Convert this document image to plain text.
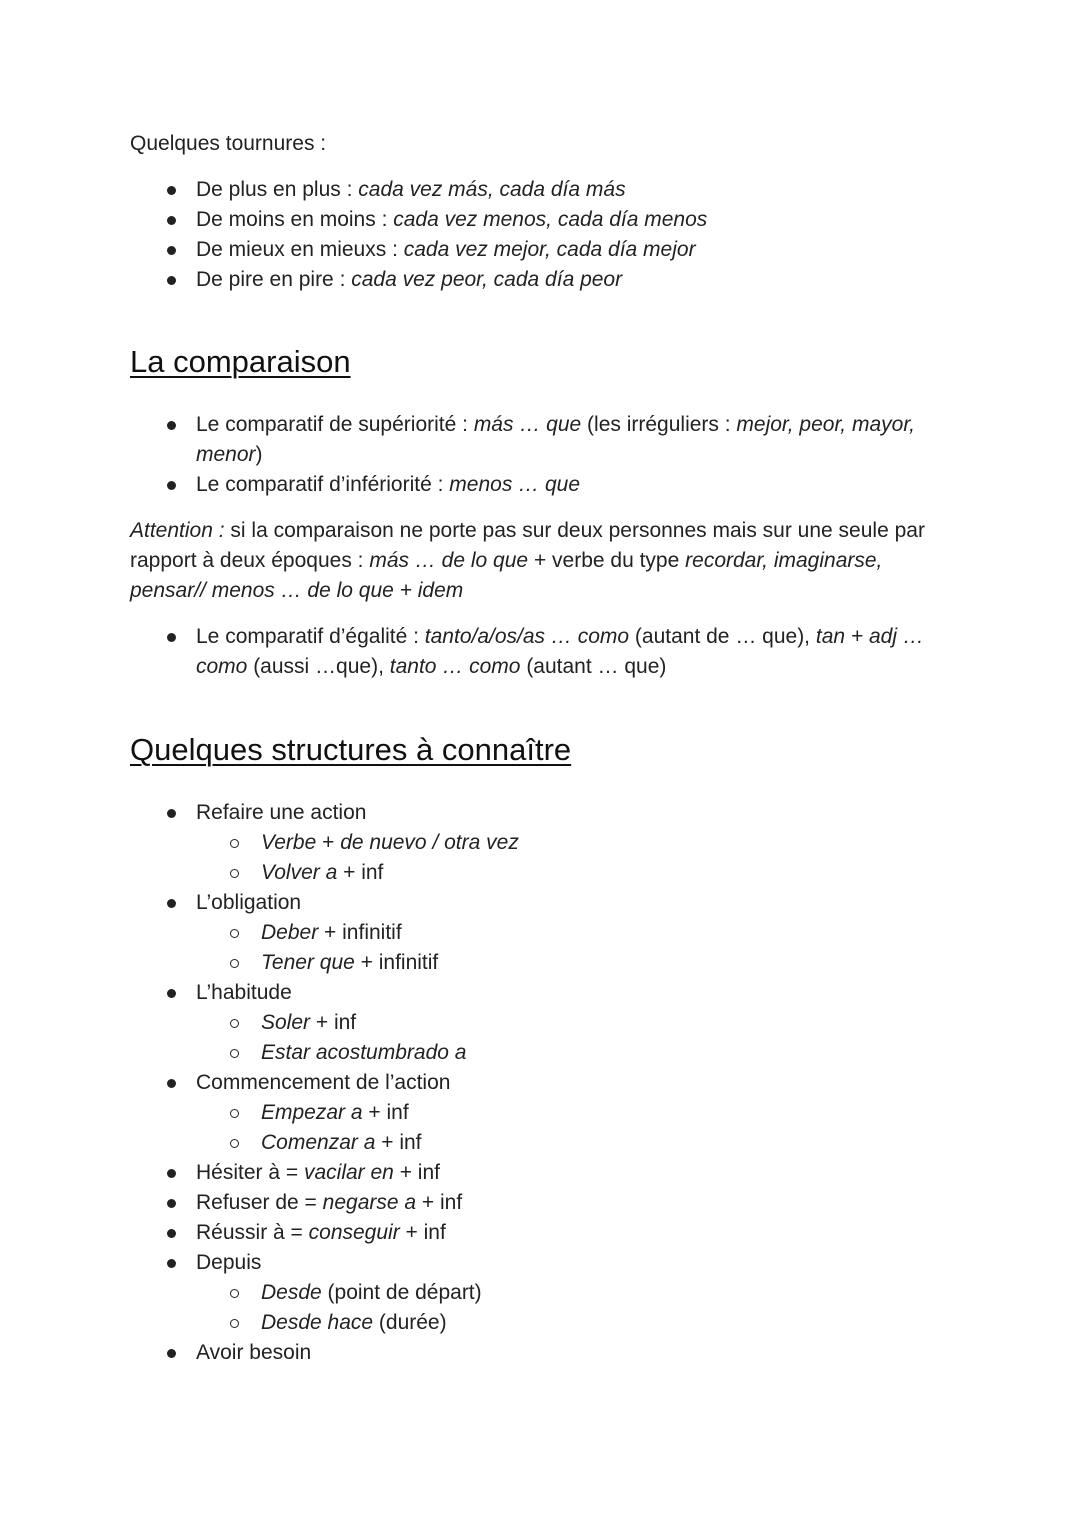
Quelques tournures :

De plus en plus : cada vez más, cada día más
De moins en moins : cada vez menos, cada día menos
De mieux en mieuxs : cada vez mejor, cada día mejor
De pire en pire : cada vez peor, cada día peor
La comparaison
Le comparatif de supériorité : más … que (les irréguliers : mejor, peor, mayor, menor)
Le comparatif d’infériorité : menos … que

Attention : si la comparaison ne porte pas sur deux personnes mais sur une seule par rapport à deux époques : más … de lo que + verbe du type recordar, imaginarse, pensar// menos … de lo que + idem

Le comparatif d’égalité : tanto/a/os/as … como (autant de … que), tan + adj … como (aussi …que), tanto … como (autant … que)
Quelques structures à connaître
Refaire une action
Verbe + de nuevo / otra vez
Volver a + inf
L’obligation
Deber + infinitif
Tener que + infinitif
L’habitude
Soler + inf
Estar acostumbrado a
Commencement de l’action
Empezar a + inf
Comenzar a + inf
Hésiter à = vacilar en + inf
Refuser de = negarse a + inf
Réussir à = conseguir + inf
Depuis
Desde (point de départ)
Desde hace (durée)
Avoir besoin
